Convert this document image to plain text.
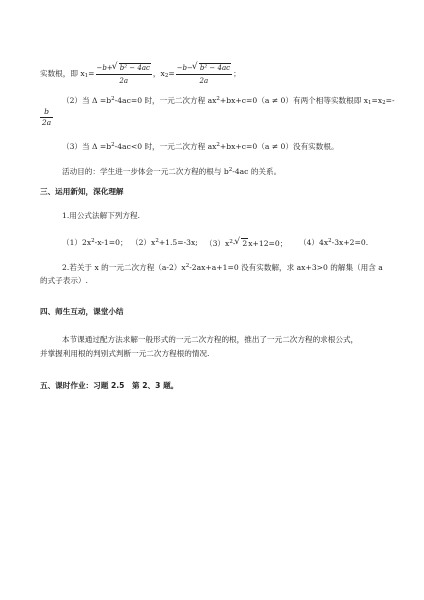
实数根，即 $x_1= \frac{\text{−b+√ b² − 4ac}}{2a}$ ，$x_2= \frac{\text{−b−√ b² − 4ac}}{2a}$ ；
（2）当 $\Delta =b^2-4ac=0$ 时，一元二次方程 $ax^2+bx+c=0(a \ne 0)$有两个相等实数根即 $x_1=x_2=-$
$\frac{b}{2a}$
（3）当 $\Delta =b^2-4ac<0$ 时，一元二次方程 $ax^2+bx+c=0(a \ne 0)$没有实数根。
活动目的：学生进一步体会一元二次方程的根与 $b^2-4ac$ 的关系。
三、运用新知，深化理解
1.用公式法解下列方程.
$(1)2x^2-x-1=0$； $(2)x^2+1.5=-3x$; $(3)x^2-√$ 2x+12=0； $(4)4x^2-3x+2=0$.
2.若关于 x 的一元二次方程$(a-2)x^2-2ax+a+1=0$ 没有实数解，求 ax+3>0 的解集（用含 a
的式子表示）.
四、师生互动，课堂小结
本节课通过配方法求解一般形式的一元二次方程的根，推出了一元二次方程的求根公式，
并掌握利用根的判别式判断一元二次方程根的情况.
五、课时作业：习题 2.5　第 2、3 题。
